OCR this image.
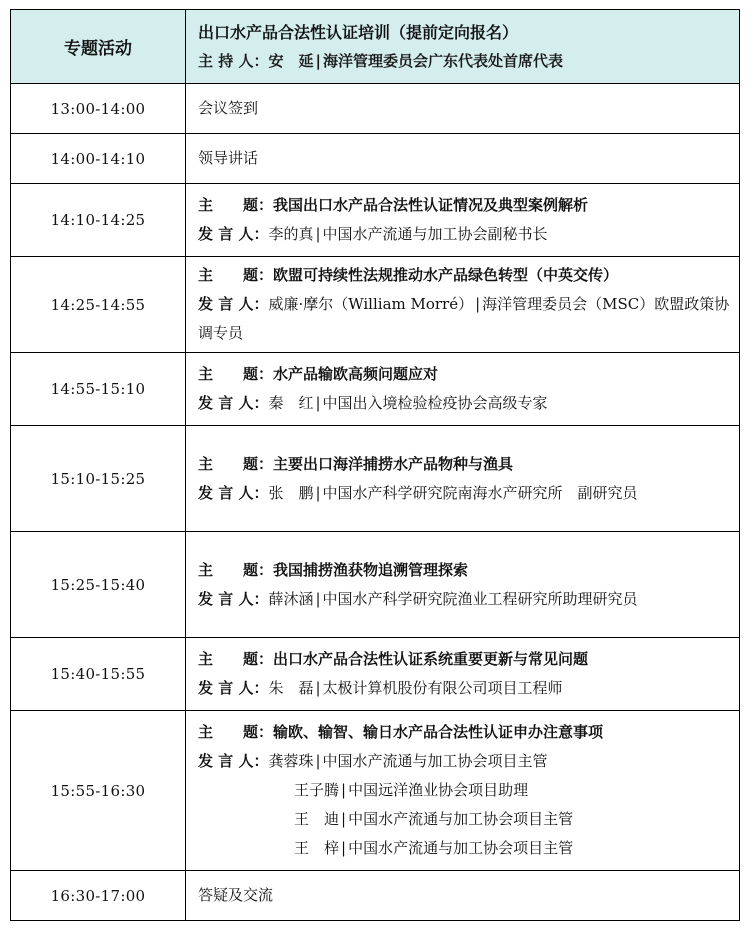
专题活动	出口水产品合法性认证培训（提前定向报名）
主 持 人：安　延 | 海洋管理委员会广东代表处首席代表

13:00-14:00	会议签到
14:00-14:10	领导讲话
14:10-14:25	主　　题：我国出口水产品合法性认证情况及典型案例解析
发 言 人：李的真 | 中国水产流通与加工协会副秘书长

14:25-14:55	主　　题：欧盟可持续性法规推动水产品绿色转型（中英交传）
发 言 人：威廉·摩尔（William Morré） | 海洋管理委员会（MSC）欧盟政策协调专员

14:55-15:10	主　　题：水产品输欧高频问题应对
发 言 人：秦　红 | 中国出入境检验检疫协会高级专家

15:10-15:25	主　　题：主要出口海洋捕捞水产品物种与渔具
发 言 人：张　鹏 | 中国水产科学研究院南海水产研究所　副研究员

15:25-15:40	主　　题：我国捕捞渔获物追溯管理探索
发 言 人：薛沐涵 | 中国水产科学研究院渔业工程研究所助理研究员

15:40-15:55	主　　题：出口水产品合法性认证系统重要更新与常见问题
发 言 人：朱　磊 | 太极计算机股份有限公司项目工程师

15:55-16:30	主　　题：输欧、输智、输日水产品合法性认证申办注意事项
发 言 人：龚蓉珠 | 中国水产流通与加工协会项目主管
王子腾 | 中国远洋渔业协会项目助理
王　迪 | 中国水产流通与加工协会项目主管
王　梓 | 中国水产流通与加工协会项目主管

16:30-17:00	答疑及交流
